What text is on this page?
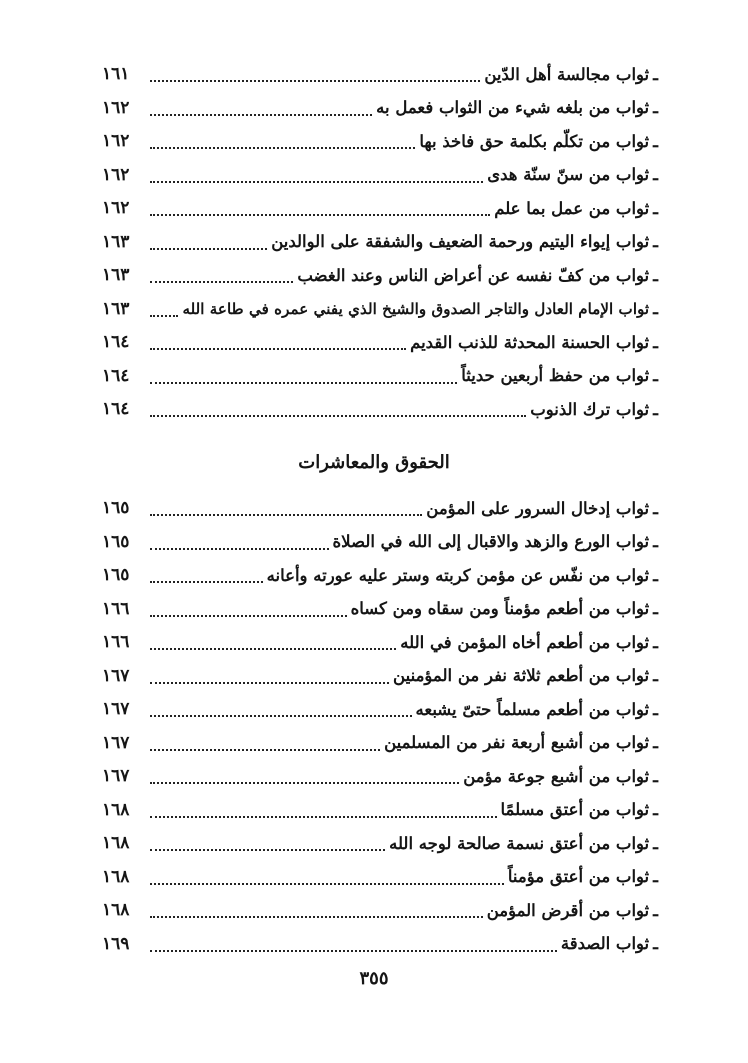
ـ
ثواب مجالسة أهل الدّين
١٦١
ـ
ثواب من بلغه شيء من الثواب فعمل به
١٦٢
ـ
ثواب من تكلّم بكلمة حق فاخذ بها
١٦٢
ـ
ثواب من سنّ سنّة هدى
١٦٢
ـ
ثواب من عمل بما علم
١٦٢
ـ
ثواب إيواء اليتيم ورحمة الضعيف والشفقة على الوالدين
١٦٣
ـ
ثواب من كفّ نفسه عن أعراض الناس وعند الغضب
١٦٣
ـ
ثواب الإمام العادل والتاجر الصدوق والشيخ الذي يفني عمره في طاعة الله
١٦٣
ـ
ثواب الحسنة المحدثة للذنب القديم
١٦٤
ـ
ثواب من حفظ أربعين حديثاً
١٦٤
ـ
ثواب ترك الذنوب
١٦٤
الحقوق والمعاشرات
ـ
ثواب إدخال السرور على المؤمن
١٦٥
ـ
ثواب الورع والزهد والاقبال إلى الله في الصلاة
١٦٥
ـ
ثواب من نفّس عن مؤمن كربته وستر عليه عورته وأعانه
١٦٥
ـ
ثواب من أطعم مؤمناً ومن سقاه ومن كساه
١٦٦
ـ
ثواب من أطعم أخاه المؤمن في الله
١٦٦
ـ
ثواب من أطعم ثلاثة نفر من المؤمنين
١٦٧
ـ
ثواب من أطعم مسلماً حتىّ يشبعه
١٦٧
ـ
ثواب من أشبع أربعة نفر من المسلمين
١٦٧
ـ
ثواب من أشبع جوعة مؤمن
١٦٧
ـ
ثواب من أعتق مسلمًا
١٦٨
ـ
ثواب من أعتق نسمة صالحة لوجه الله
١٦٨
ـ
ثواب من أعتق مؤمناً
١٦٨
ـ
ثواب من أقرض المؤمن
١٦٨
ـ
ثواب الصدقة
١٦٩
٣٥٥
